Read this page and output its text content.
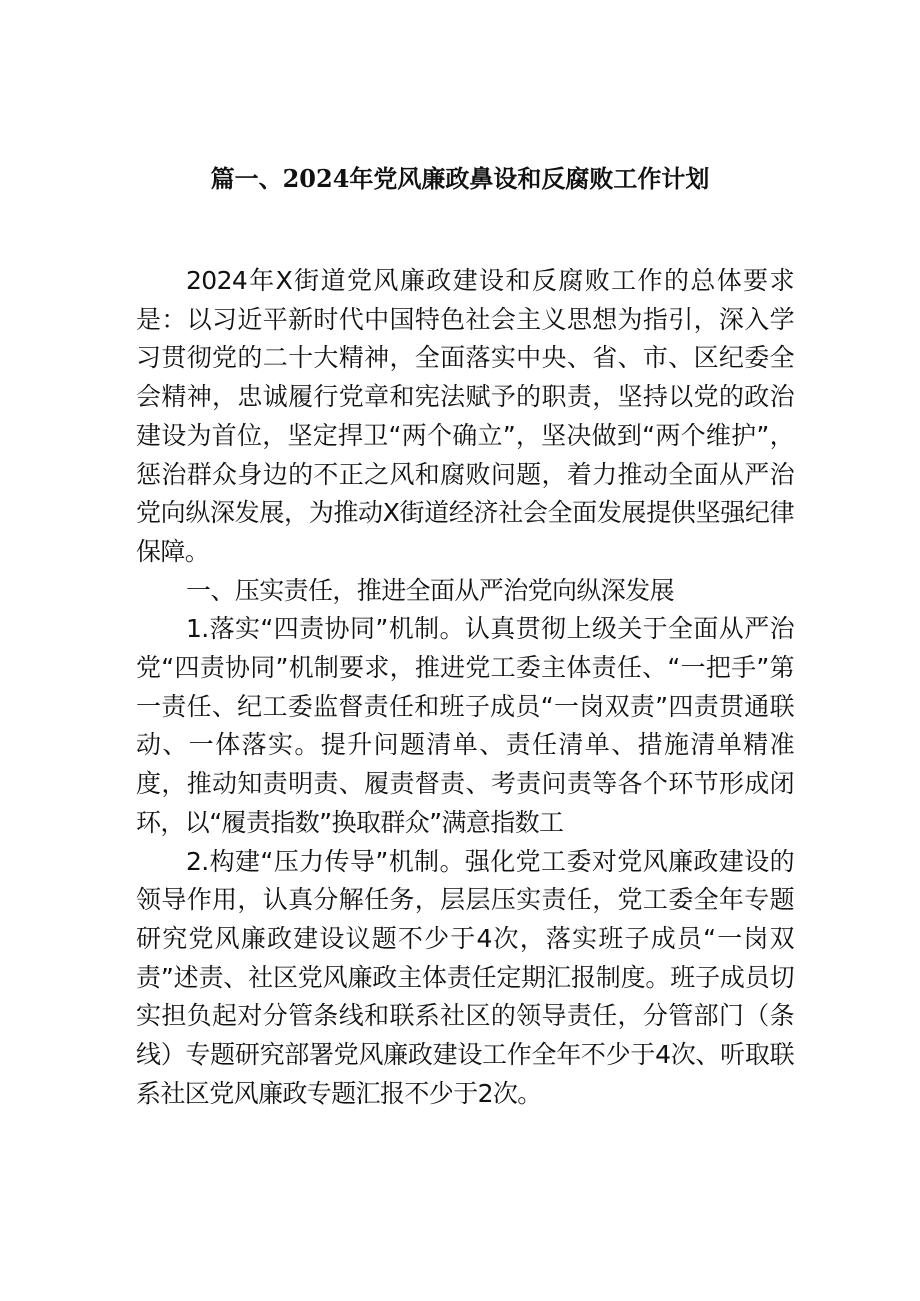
篇一、2024年党风廉政鼻设和反腐败工作计划

2024年X街道党风廉政建设和反腐败工作的总体要求是：以习近平新时代中国特色社会主义思想为指引，深入学习贯彻党的二十大精神，全面落实中央、省、市、区纪委全会精神，忠诚履行党章和宪法赋予的职责，坚持以党的政治建设为首位，坚定捍卫“两个确立”，坚决做到“两个维护”，惩治群众身边的不正之风和腐败问题，着力推动全面从严治党向纵深发展，为推动X街道经济社会全面发展提供坚强纪律保障。

一、压实责任，推进全面从严治党向纵深发展

1.落实“四责协同”机制。认真贯彻上级关于全面从严治党“四责协同”机制要求，推进党工委主体责任、“一把手”第一责任、纪工委监督责任和班子成员“一岗双责”四责贯通联动、一体落实。提升问题清单、责任清单、措施清单精准度，推动知责明责、履责督责、考责问责等各个环节形成闭环，以“履责指数”换取群众”满意指数工

2.构建“压力传导”机制。强化党工委对党风廉政建设的领导作用，认真分解任务，层层压实责任，党工委全年专题研究党风廉政建设议题不少于4次，落实班子成员“一岗双责”述责、社区党风廉政主体责任定期汇报制度。班子成员切实担负起对分管条线和联系社区的领导责任，分管部门（条线）专题研究部署党风廉政建设工作全年不少于4次、听取联系社区党风廉政专题汇报不少于2次。
